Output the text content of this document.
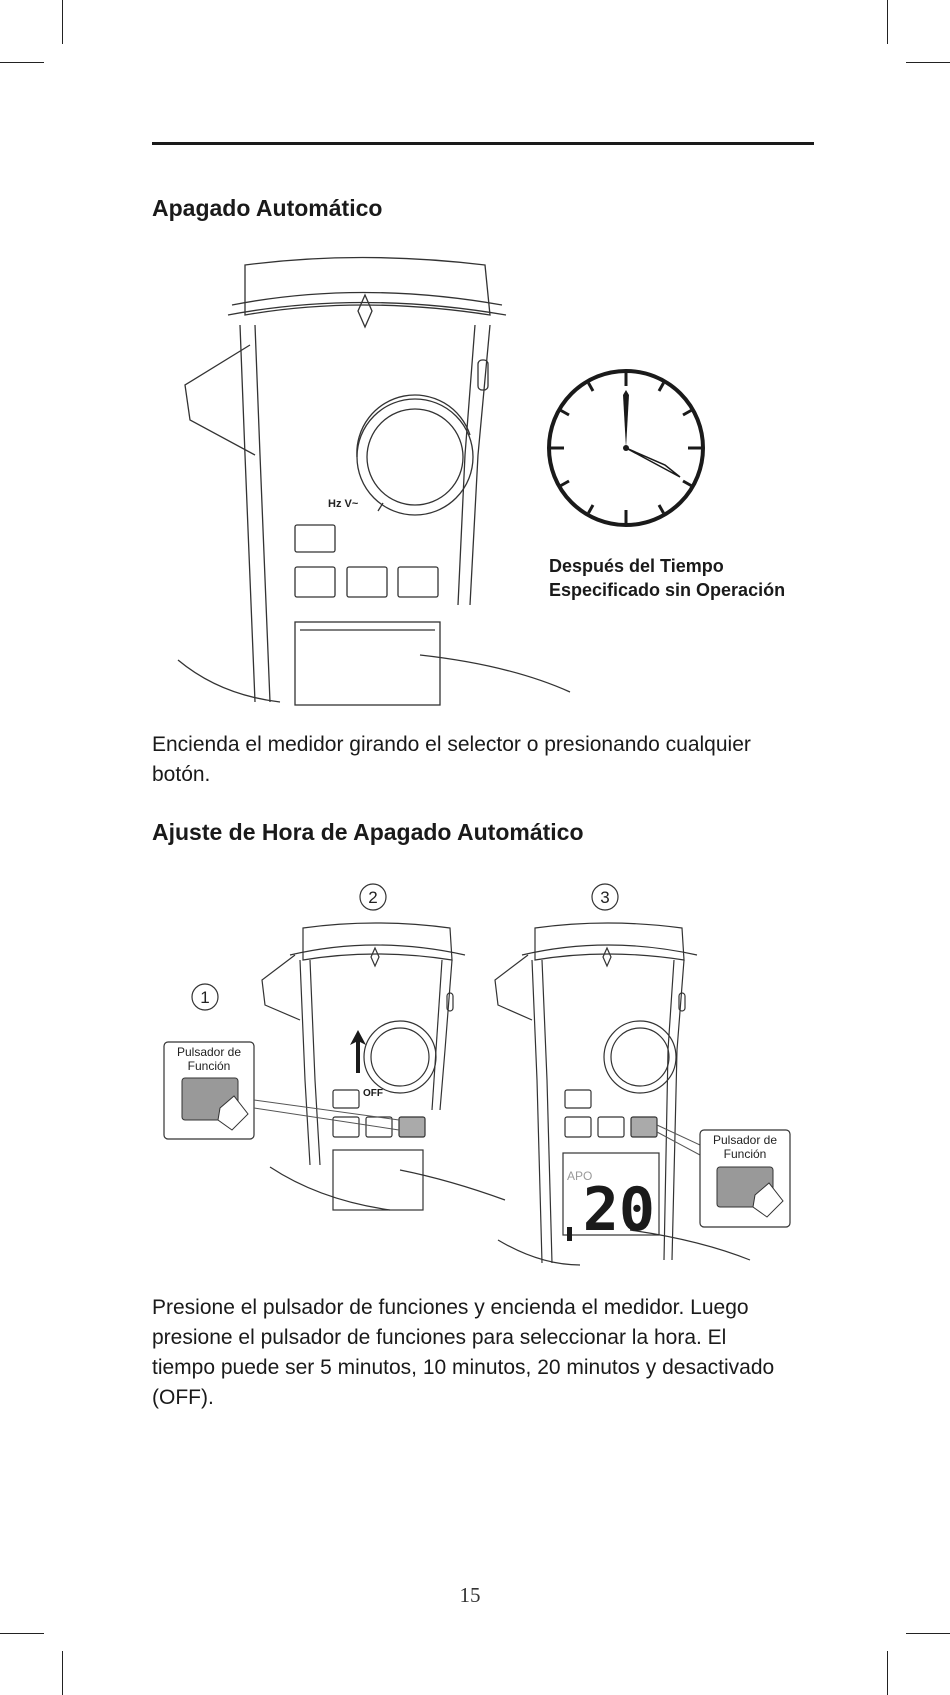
Apagado Automático
Hz V~
Después del Tiempo
Especificado sin Operación

Encienda el medidor girando el selector o presionando cualquier botón.

Ajuste de Hora de Apagado Automático
1
2	3
OFF
Pulsador de
Función
APO
20
Pulsador de
Función

Presione el pulsador de funciones y encienda el medidor. Luego presione el pulsador de funciones para seleccionar la hora. El tiempo puede ser 5 minutos, 10 minutos, 20 minutos y desactivado (OFF).

15
